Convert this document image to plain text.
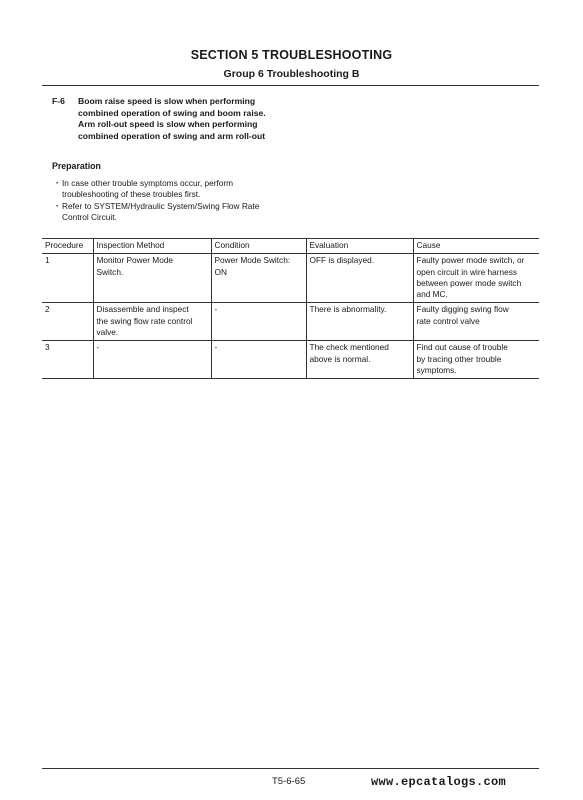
SECTION 5 TROUBLESHOOTING
Group 6 Troubleshooting B
F-6 Boom raise speed is slow when performing
combined operation of swing and boom raise.
Arm roll-out speed is slow when performing
combined operation of swing and arm roll-out
Preparation
・ In case other trouble symptoms occur, perform
troubleshooting of these troubles first.
・ Refer to SYSTEM/Hydraulic System/Swing Flow Rate
Control Circuit.
Procedure	Inspection Method	Condition	Evaluation	Cause

1	Monitor Power Mode
Switch.	Power Mode Switch:
ON	OFF is displayed.	Faulty power mode switch, or
open circuit in wire harness
between power mode switch
and MC.

2	Disassemble and inspect
the swing flow rate control
valve.	-	There is abnormality.	Faulty digging swing flow
rate control valve

3	-	-	The check mentioned
above is normal.	Find out cause of trouble
by tracing other trouble
symptoms.
T5-6-65	www.epcatalogs.com
